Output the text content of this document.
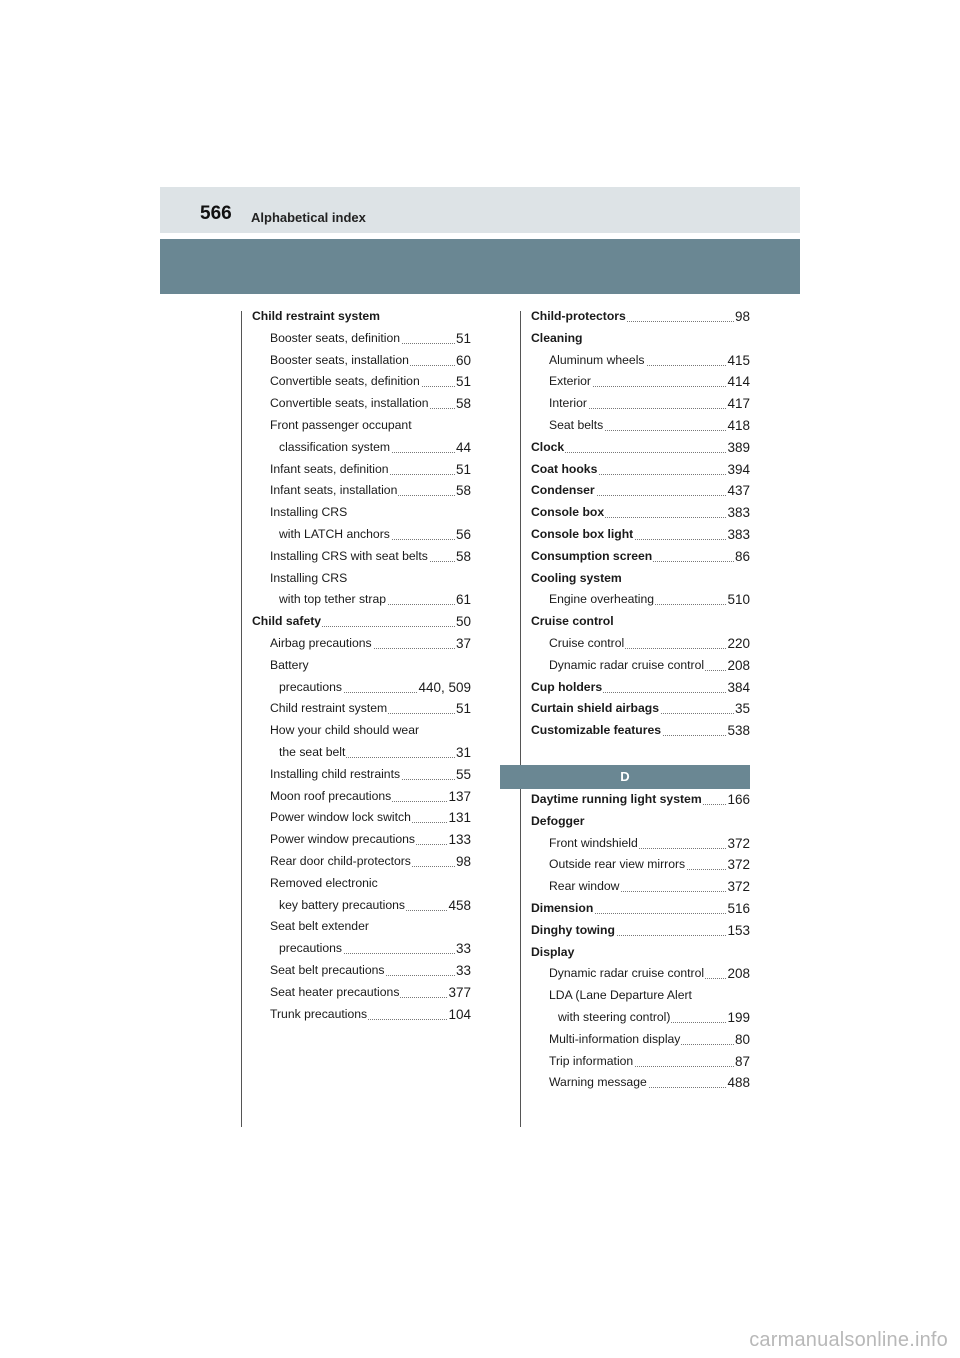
566 Alphabetical index
Child restraint system
Booster seats, definition	51
Booster seats, installation	60
Convertible seats, definition	51
Convertible seats, installation 58
Front passenger occupant
classification system	44
Infant seats, definition	51
Infant seats, installation	58
Installing CRS
with LATCH anchors	56
Installing CRS with seat belts 58
Installing CRS
with top tether strap	61
Child safety	50
Airbag precautions	37
Battery
precautions	440, 509
Child restraint system	51
How your child should wear
the seat belt	31
Installing child restraints	55
Moon roof precautions	137
Power window lock switch	131
Power window precautions 133
Rear door child-protectors	98
Removed electronic
key battery precautions	458
Seat belt extender
precautions	33
Seat belt precautions	33
Seat heater precautions	377
Trunk precautions	104
Child-protectors	98
Cleaning
Aluminum wheels	415
Exterior	414
Interior	417
Seat belts	418
Clock	389
Coat hooks	394
Condenser	437
Console box	383
Console box light	383
Consumption screen	86
Cooling system
Engine overheating	510
Cruise control
Cruise control	220
Dynamic radar cruise control 208
Cup holders	384
Curtain shield airbags	35
Customizable features	538
D
Daytime running light system 166
Defogger
Front windshield	372
Outside rear view mirrors	372
Rear window	372
Dimension	516
Dinghy towing	153
Display
Dynamic radar cruise control 208
LDA (Lane Departure Alert
with steering control)	199
Multi-information display	80
Trip information	87
Warning message	488
carmanualsonline.info
